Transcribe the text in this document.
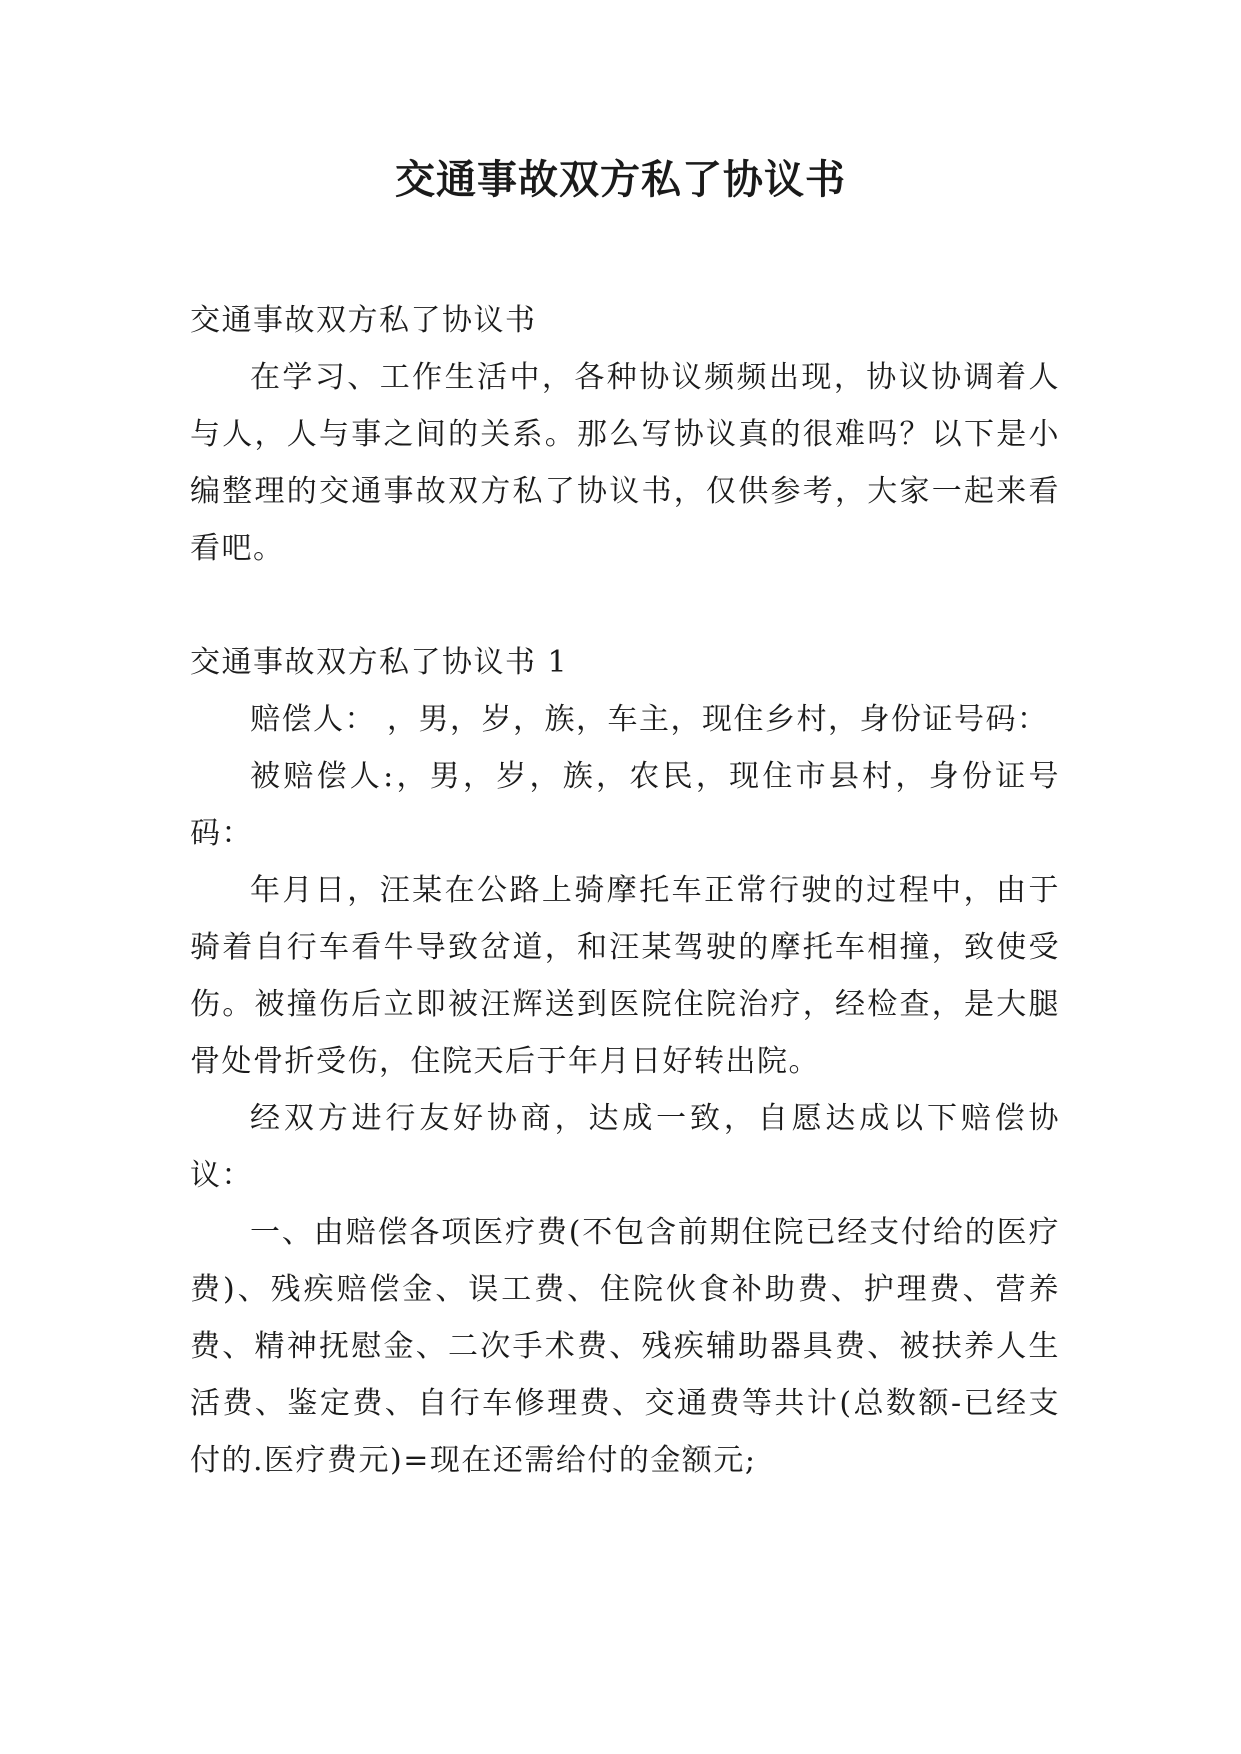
交通事故双方私了协议书

交通事故双方私了协议书

在学习、工作生活中，各种协议频频出现，协议协调着人与人，人与事之间的关系。那么写协议真的很难吗？以下是小编整理的交通事故双方私了协议书，仅供参考，大家一起来看看吧。

交通事故双方私了协议书 1

赔偿人： ，男，岁，族，车主，现住乡村，身份证号码：

被赔偿人:，男，岁，族，农民，现住市县村，身份证号码：

年月日，汪某在公路上骑摩托车正常行驶的过程中，由于骑着自行车看牛导致岔道，和汪某驾驶的摩托车相撞，致使受伤。被撞伤后立即被汪辉送到医院住院治疗，经检查，是大腿骨处骨折受伤，住院天后于年月日好转出院。

经双方进行友好协商，达成一致，自愿达成以下赔偿协议：

一、由赔偿各项医疗费(不包含前期住院已经支付给的医疗费)、残疾赔偿金、误工费、住院伙食补助费、护理费、营养费、精神抚慰金、二次手术费、残疾辅助器具费、被扶养人生活费、鉴定费、自行车修理费、交通费等共计(总数额-已经支付的.医疗费元)=现在还需给付的金额元;
